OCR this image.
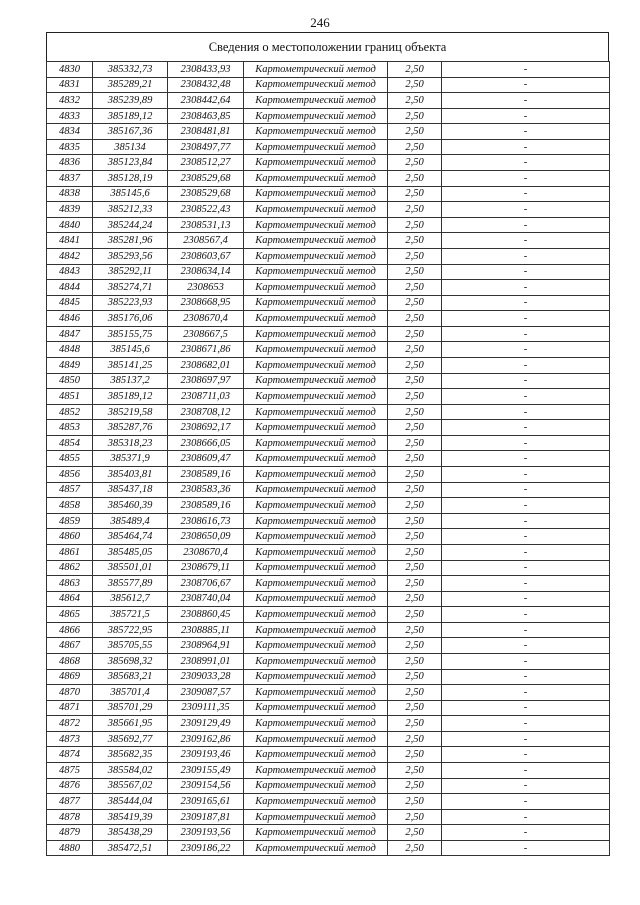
246
Сведения о местоположении границ объекта
4830	385332,73	2308433,93	Картометрический метод	2,50	-
4831	385289,21	2308432,48	Картометрический метод	2,50	-
4832	385239,89	2308442,64	Картометрический метод	2,50	-
4833	385189,12	2308463,85	Картометрический метод	2,50	-
4834	385167,36	2308481,81	Картометрический метод	2,50	-
4835	385134	2308497,77	Картометрический метод	2,50	-
4836	385123,84	2308512,27	Картометрический метод	2,50	-
4837	385128,19	2308529,68	Картометрический метод	2,50	-
4838	385145,6	2308529,68	Картометрический метод	2,50	-
4839	385212,33	2308522,43	Картометрический метод	2,50	-
4840	385244,24	2308531,13	Картометрический метод	2,50	-
4841	385281,96	2308567,4	Картометрический метод	2,50	-
4842	385293,56	2308603,67	Картометрический метод	2,50	-
4843	385292,11	2308634,14	Картометрический метод	2,50	-
4844	385274,71	2308653	Картометрический метод	2,50	-
4845	385223,93	2308668,95	Картометрический метод	2,50	-
4846	385176,06	2308670,4	Картометрический метод	2,50	-
4847	385155,75	2308667,5	Картометрический метод	2,50	-
4848	385145,6	2308671,86	Картометрический метод	2,50	-
4849	385141,25	2308682,01	Картометрический метод	2,50	-
4850	385137,2	2308697,97	Картометрический метод	2,50	-
4851	385189,12	2308711,03	Картометрический метод	2,50	-
4852	385219,58	2308708,12	Картометрический метод	2,50	-
4853	385287,76	2308692,17	Картометрический метод	2,50	-
4854	385318,23	2308666,05	Картометрический метод	2,50	-
4855	385371,9	2308609,47	Картометрический метод	2,50	-
4856	385403,81	2308589,16	Картометрический метод	2,50	-
4857	385437,18	2308583,36	Картометрический метод	2,50	-
4858	385460,39	2308589,16	Картометрический метод	2,50	-
4859	385489,4	2308616,73	Картометрический метод	2,50	-
4860	385464,74	2308650,09	Картометрический метод	2,50	-
4861	385485,05	2308670,4	Картометрический метод	2,50	-
4862	385501,01	2308679,11	Картометрический метод	2,50	-
4863	385577,89	2308706,67	Картометрический метод	2,50	-
4864	385612,7	2308740,04	Картометрический метод	2,50	-
4865	385721,5	2308860,45	Картометрический метод	2,50	-
4866	385722,95	2308885,11	Картометрический метод	2,50	-
4867	385705,55	2308964,91	Картометрический метод	2,50	-
4868	385698,32	2308991,01	Картометрический метод	2,50	-
4869	385683,21	2309033,28	Картометрический метод	2,50	-
4870	385701,4	2309087,57	Картометрический метод	2,50	-
4871	385701,29	2309111,35	Картометрический метод	2,50	-
4872	385661,95	2309129,49	Картометрический метод	2,50	-
4873	385692,77	2309162,86	Картометрический метод	2,50	-
4874	385682,35	2309193,46	Картометрический метод	2,50	-
4875	385584,02	2309155,49	Картометрический метод	2,50	-
4876	385567,02	2309154,56	Картометрический метод	2,50	-
4877	385444,04	2309165,61	Картометрический метод	2,50	-
4878	385419,39	2309187,81	Картометрический метод	2,50	-
4879	385438,29	2309193,56	Картометрический метод	2,50	-
4880	385472,51	2309186,22	Картометрический метод	2,50	-
